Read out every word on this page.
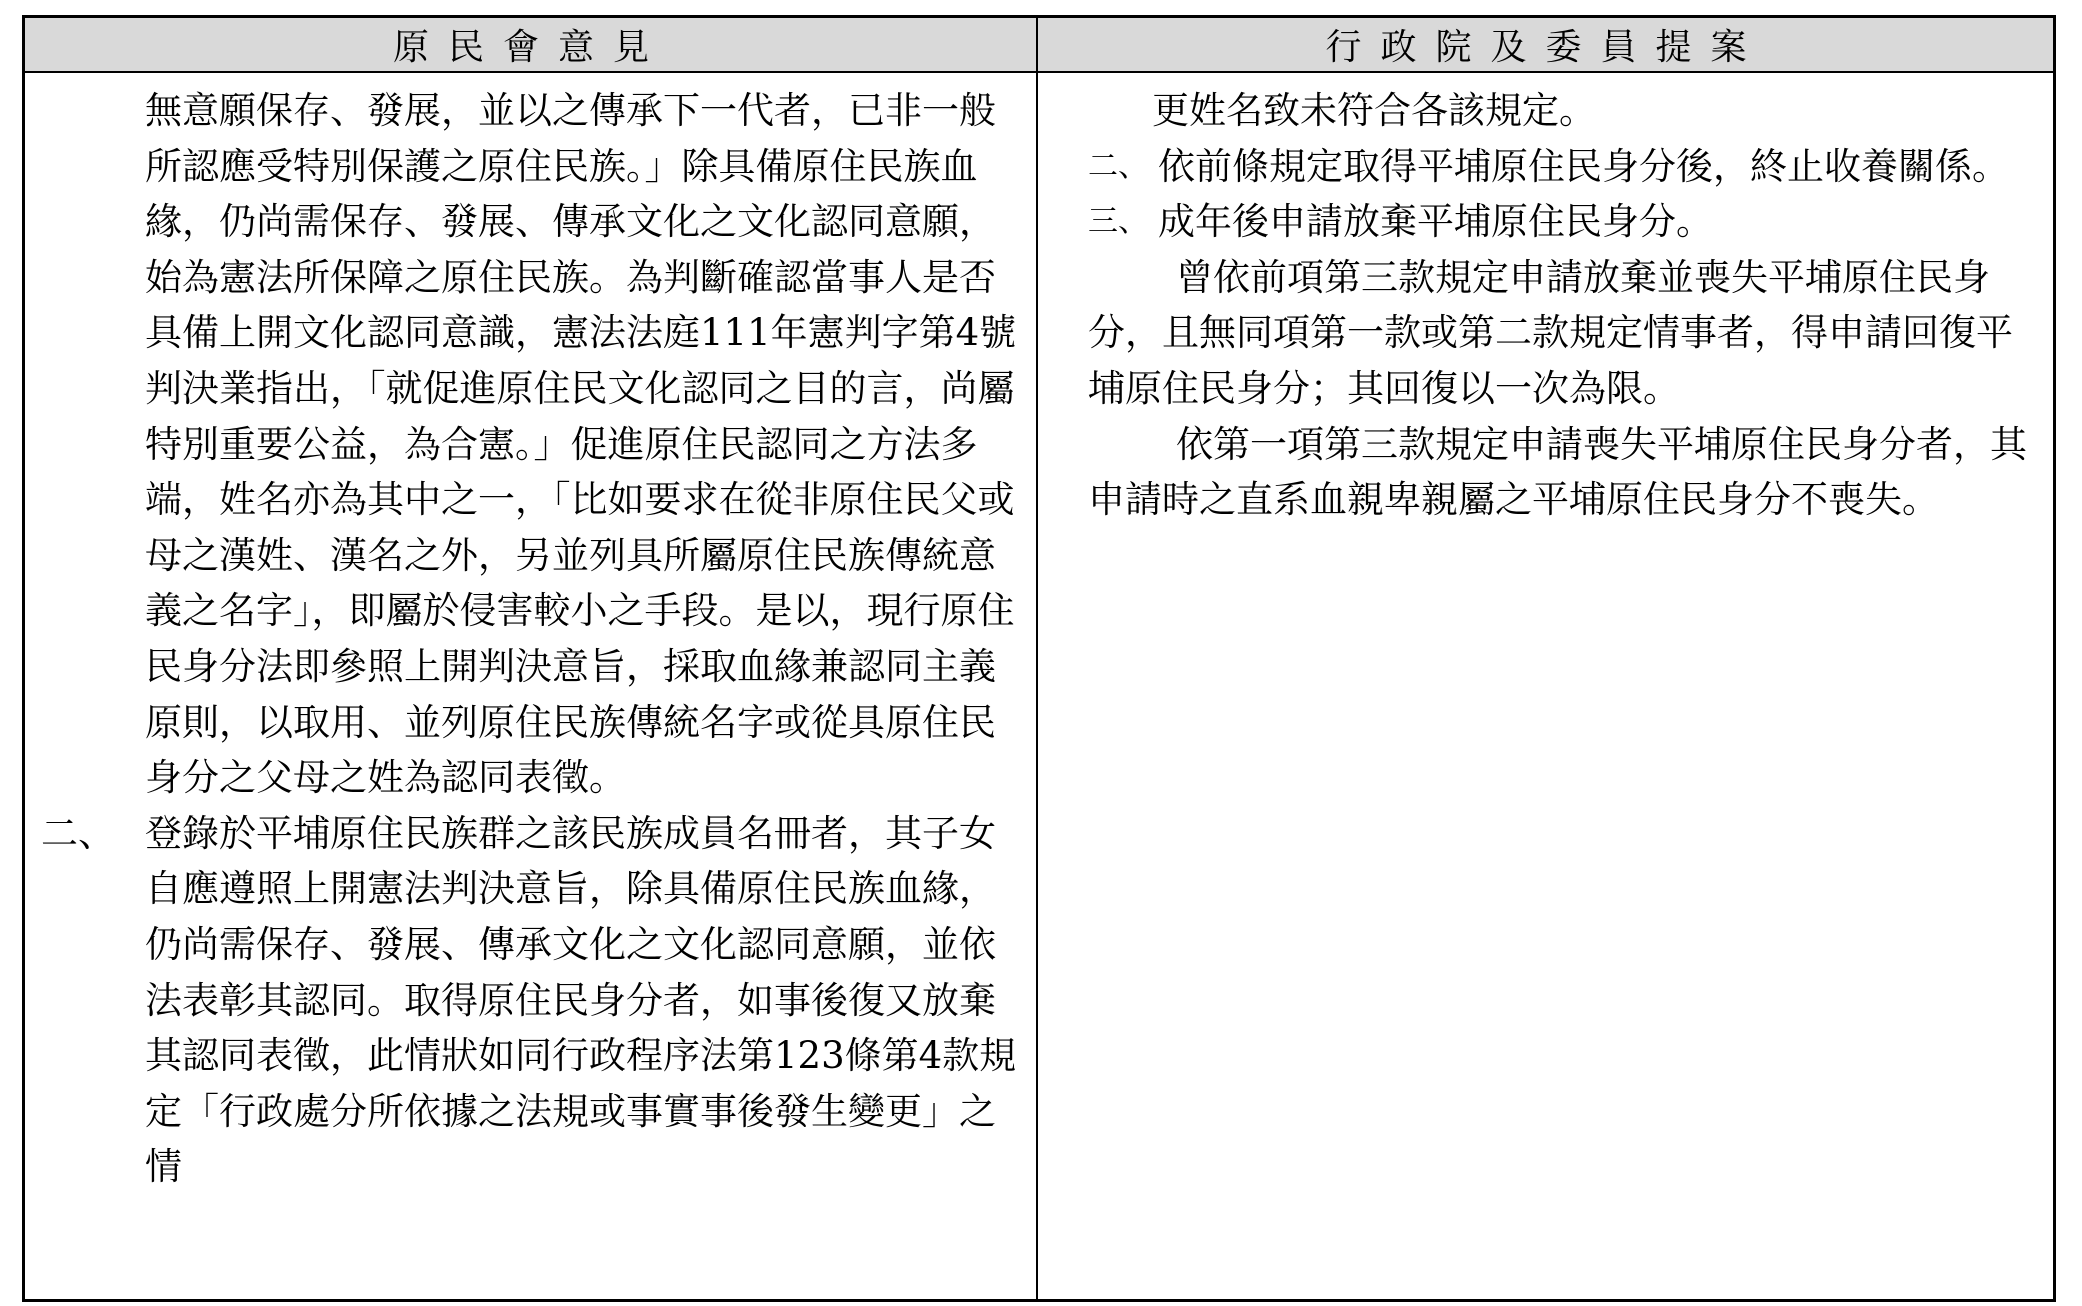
原民會意見	行政院及委員提案

無意願保存、發展，並以之傳承下一代者，已非一般所認應受特別保護之原住民族。」除具備原住民族血緣，仍尚需保存、發展、傳承文化之文化認同意願，始為憲法所保障之原住民族。為判斷確認當事人是否具備上開文化認同意識，憲法法庭111年憲判字第4號判決業指出，「就促進原住民文化認同之目的言，尚屬特別重要公益，為合憲。」促進原住民認同之方法多端，姓名亦為其中之一，「比如要求在從非原住民父或母之漢姓、漢名之外，另並列具所屬原住民族傳統意義之名字」，即屬於侵害較小之手段。是以，現行原住民身分法即參照上開判決意旨，採取血緣兼認同主義原則，以取用、並列原住民族傳統名字或從具原住民身分之父母之姓為認同表徵。

二、 登錄於平埔原住民族群之該民族成員名冊者，其子女自應遵照上開憲法判決意旨，除具備原住民族血緣，仍尚需保存、發展、傳承文化之文化認同意願，並依法表彰其認同。取得原住民身分者，如事後復又放棄其認同表徵，此情狀如同行政程序法第123條第4款規定「行政處分所依據之法規或事實事後發生變更」之情

更姓名致未符合各該規定。

二、 依前條規定取得平埔原住民身分後，終止收養關係。
三、 成年後申請放棄平埔原住民身分。

曾依前項第三款規定申請放棄並喪失平埔原住民身分，且無同項第一款或第二款規定情事者，得申請回復平埔原住民身分；其回復以一次為限。

依第一項第三款規定申請喪失平埔原住民身分者，其申請時之直系血親卑親屬之平埔原住民身分不喪失。
